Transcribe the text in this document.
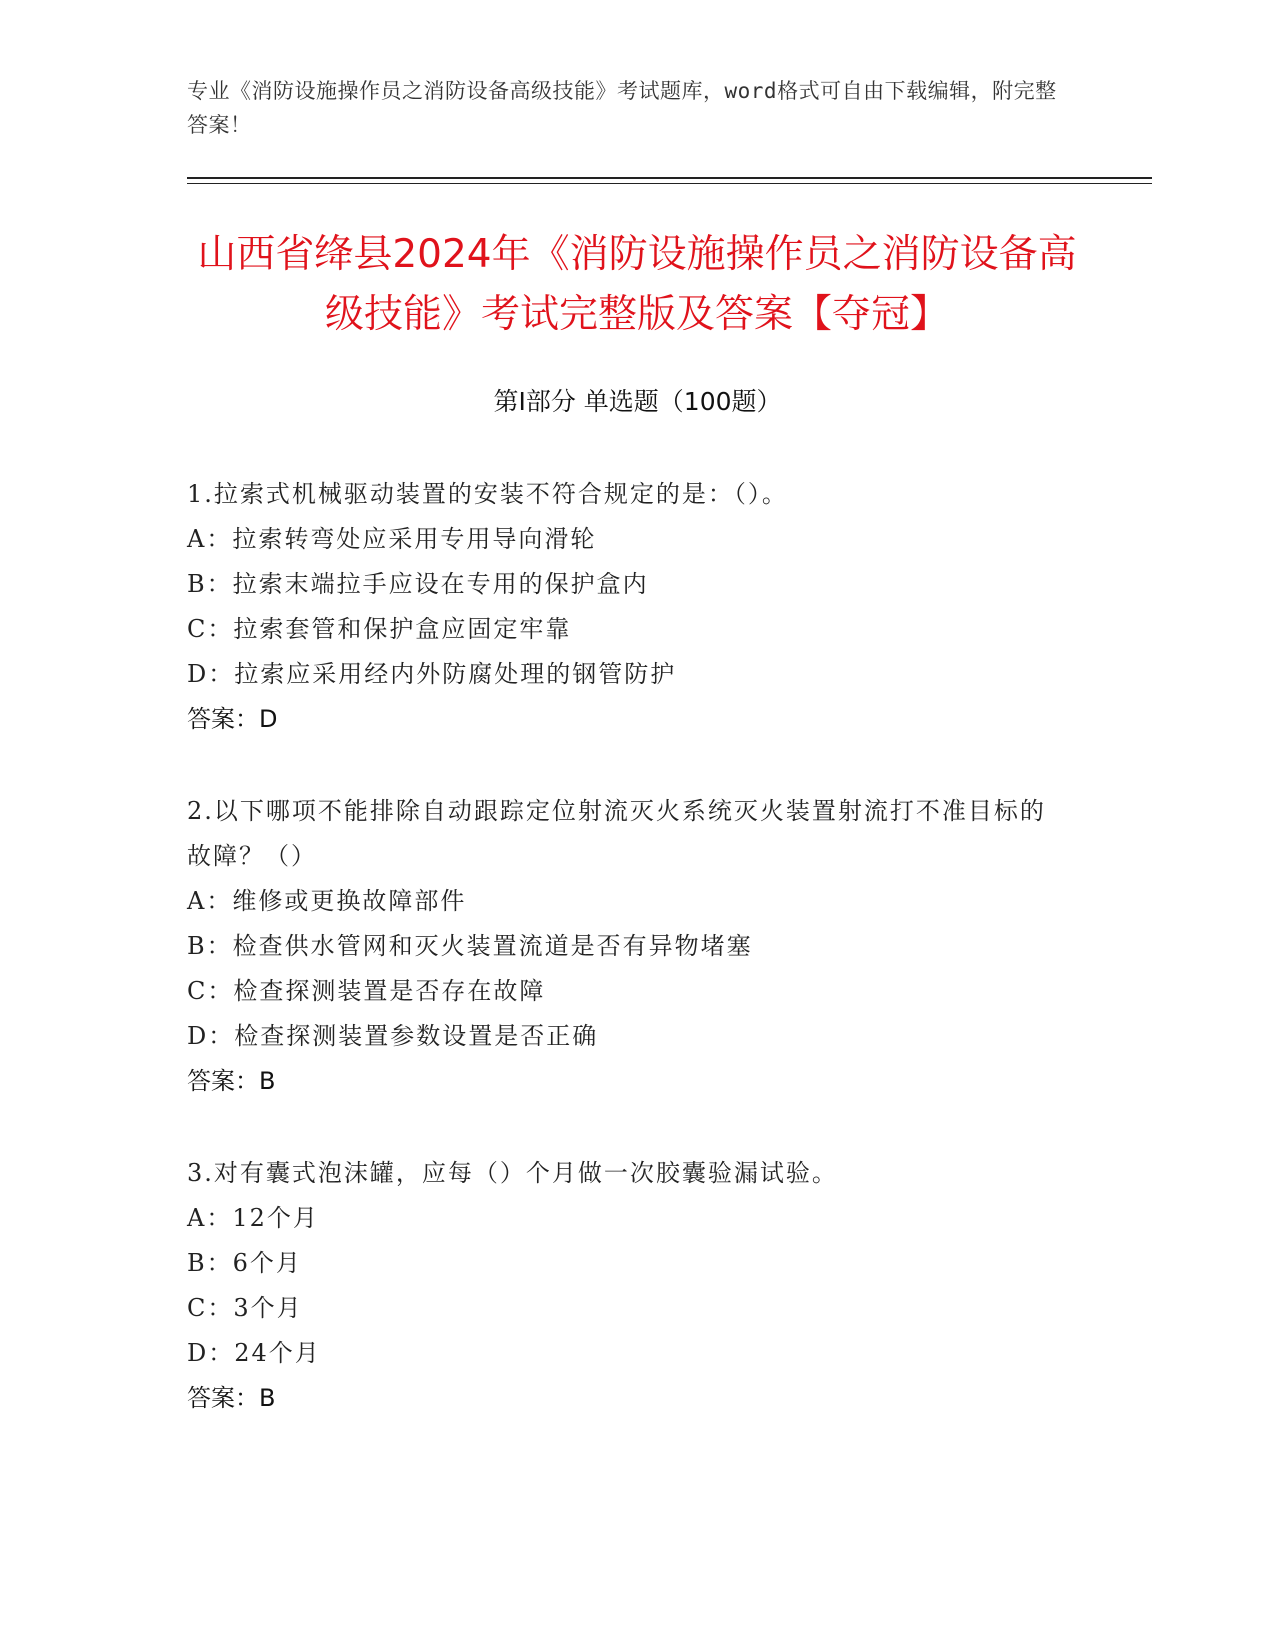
专业《消防设施操作员之消防设备高级技能》考试题库，word格式可自由下载编辑，附完整答案！
山西省绛县2024年《消防设施操作员之消防设备高级技能》考试完整版及答案【夺冠】
第Ⅰ部分 单选题（100题）
1.拉索式机械驱动装置的安装不符合规定的是：（）。
A：拉索转弯处应采用专用导向滑轮
B：拉索末端拉手应设在专用的保护盒内
C：拉索套管和保护盒应固定牢靠
D：拉索应采用经内外防腐处理的钢管防护
答案：D
2.以下哪项不能排除自动跟踪定位射流灭火系统灭火装置射流打不准目标的故障？（）
A：维修或更换故障部件
B：检查供水管网和灭火装置流道是否有异物堵塞
C：检查探测装置是否存在故障
D：检查探测装置参数设置是否正确
答案：B
3.对有囊式泡沫罐，应每（）个月做一次胶囊验漏试验。
A：12个月
B：6个月
C：3个月
D：24个月
答案：B
